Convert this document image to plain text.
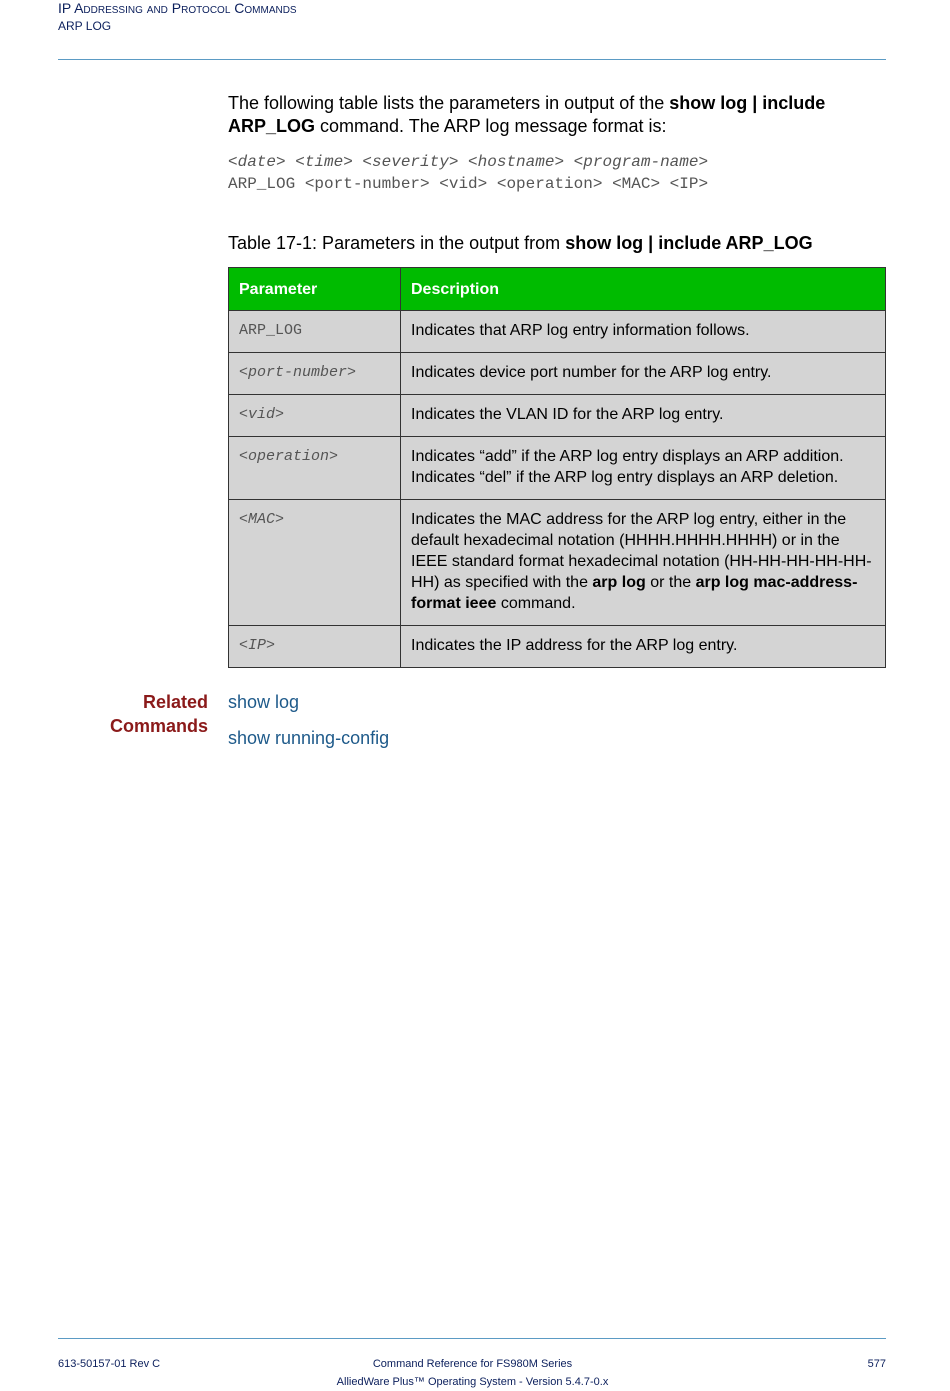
IP Addressing and Protocol Commands
ARP LOG
The following table lists the parameters in output of the show log | include ARP_LOG command. The ARP log message format is:
<date> <time> <severity> <hostname> <program-name>
ARP_LOG <port-number> <vid> <operation> <MAC> <IP>
Table 17-1: Parameters in the output from show log | include ARP_LOG
Parameter	Description
ARP_LOG	Indicates that ARP log entry information follows.
<port-number>	Indicates device port number for the ARP log entry.
<vid>	Indicates the VLAN ID for the ARP log entry.
<operation>	Indicates “add” if the ARP log entry displays an ARP addition.
Indicates “del” if the ARP log entry displays an ARP deletion.

<MAC>	Indicates the MAC address for the ARP log entry, either in the default hexadecimal notation (HHHH.HHHH.HHHH) or in the IEEE standard format hexadecimal notation (HH-HH-HH-HH-HH-HH) as specified with the arp log or the arp log mac-address-format ieee command.
<IP>	Indicates the IP address for the ARP log entry.
Related
Commands
show log
show running-config
613-50157-01 Rev C	Command Reference for FS980M Series
AlliedWare Plus™ Operating System - Version 5.4.7-0.x
577
